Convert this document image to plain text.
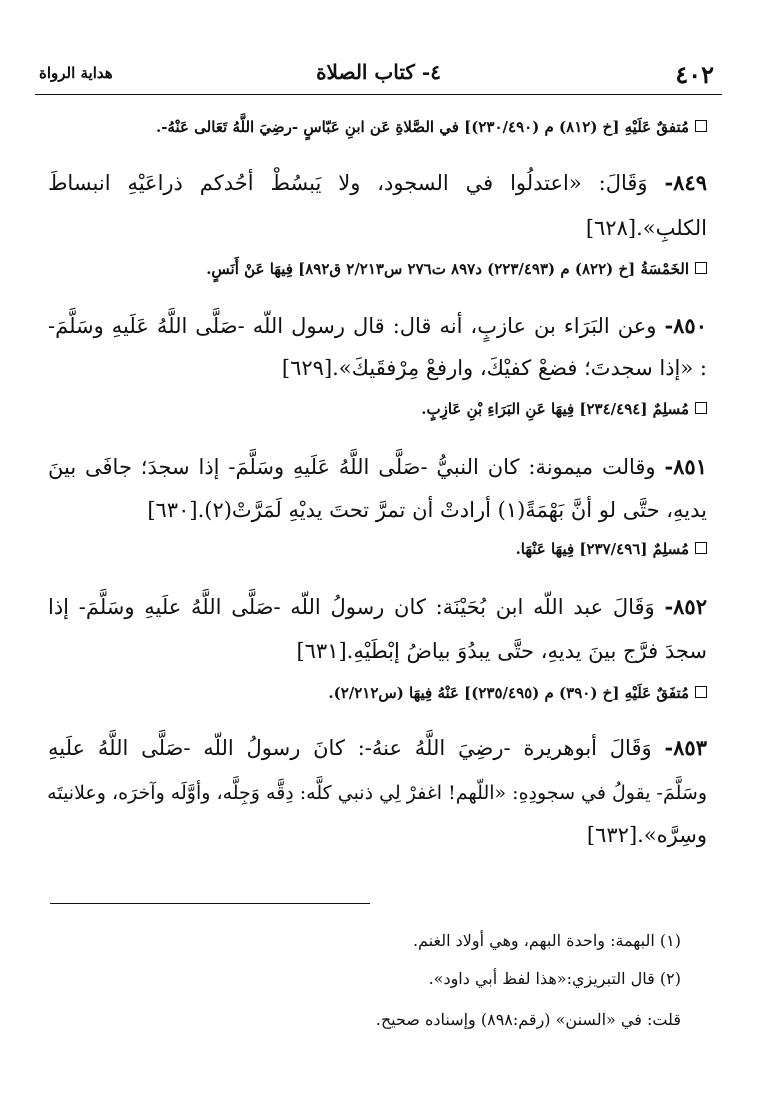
٤٠٢
٤- كتاب الصلاة
هداية الرواة
مُتفقٌ عَلَيْهِ [خ (٨١٢) م (٢٣٠/٤٩٠)] في الصَّلاةِ عَن ابنِ عَبّاسٍ -رضِيَ اللَّهُ تَعَالى عَنْهُ-.
٨٤٩- وَقَالَ: «اعتدلُوا في السجود، ولا يَبسُطْ أحُدكم ذراعَيْهِ انبساطَ
الكلبِ».[٦٢٨]
الخَمْسَةُ [خ (٨٢٢) م (٢٢٣/٤٩٣) د٨٩٧ ت٢٧٦ س٢/٢١٣ ق٨٩٢] فِيهَا عَنْ أَنَسٍ.
٨٥٠- وعن البَرَاء بن عازبٍ، أنه قال: قال رسول اللّه -صَلَّى اللَّهُ عَلَيهِ وسَلَّمَ-
: «إذا سجدتَ؛ فضعْ كفيْكَ، وارفعْ مِرْفقَيكَ».[٦٢٩]
مُسلِمٌ [٢٣٤/٤٩٤] فِيهَا عَنِ البَرَاءِ بْنِ عَازِبٍ.
٨٥١- وقالت ميمونة: كان النبيُّ -صَلَّى اللَّهُ عَلَيهِ وسَلَّمَ- إذا سجدَ؛ جافَى بينَ
يديهِ، حتَّى لو أنَّ بَهْمَةً(١) أرادتْ أن تمرَّ تحتَ يديْهِ لَمَرَّتْ(٢).[٦٣٠]
مُسلِمٌ [٢٣٧/٤٩٦] فِيهَا عَنْهَا.
٨٥٢- وَقَالَ عبد اللّه ابن بُحَيْنَة: كان رسولُ اللّه -صَلَّى اللَّهُ علَيهِ وسَلَّمَ- إذا
سجدَ فرَّج بينَ يديهِ، حتَّى يبدُوَ بياضُ إبْطَيْهِ.[٦٣١]
مُتفَقٌ عَلَيْهِ [خ (٣٩٠) م (٢٣٥/٤٩٥)] عَنْهُ فِيهَا (س٢/٢١٢).
٨٥٣- وَقَالَ أبوهريرة -رضِيَ اللَّهُ عنهُ-: كانَ رسولُ اللّه -صَلَّى اللَّهُ علَيهِ
وسَلَّمَ- يقولُ في سجودِهِ: «اللّهم! اغفرْ لِي ذنبي كلَّه: دِقَّه وَجِلَّه، وأوَّلَه وآخرَه، وعلانيتَه
وسِرَّه».[٦٣٢]
(١) البهمة: واحدة البهم، وهي أولاد الغنم.
(٢) قال التبريزي:«هذا لفظ أبي داود».
قلت: في «السنن» (رقم:٨٩٨) وإسناده صحيح.
